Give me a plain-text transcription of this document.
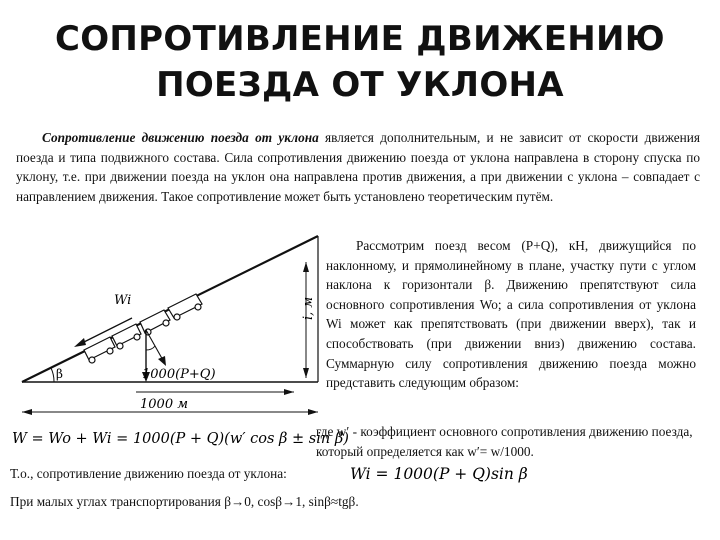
СОПРОТИВЛЕНИЕ ДВИЖЕНИЮ
ПОЕЗДА ОТ УКЛОНА

Сопротивление движению поезда от уклона является дополнительным, и не зависит от скорости движения поезда и типа подвижного состава. Сила сопротивления движению поезда от уклона направлена в сторону спуска по уклону, т.е. при движении поезда на уклон она направлена против движения, а при движении с уклона – совпадает с направлением движения. Такое сопротивление может быть установлено теоретическим путём.

i, м
Wi
1000(P+Q)
1000 м
β

Рассмотрим поезд весом (P+Q), кН, движущийся по наклонному, и прямолинейному в плане, участку пути с углом наклона к горизонтали β. Движению препятствуют сила основного сопротивления Wo; а сила сопротивления от уклона Wi может как препятствовать (при движении вверх), так и способствовать (при движении вниз) движению состава. Суммарную силу сопротивления движению поезда можно представить следующим образом:

W = Wo + Wi = 1000(P + Q)(w′ cos β ± sin β)
где w′ - коэффициент основного сопротивления движению поезда, который определяется как w′= w/1000.
Т.о., сопротивление движению поезда от уклона:	Wi = 1000(P + Q)sin β
При малых углах транспортирования β→0, cosβ→1, sinβ≈tgβ.
